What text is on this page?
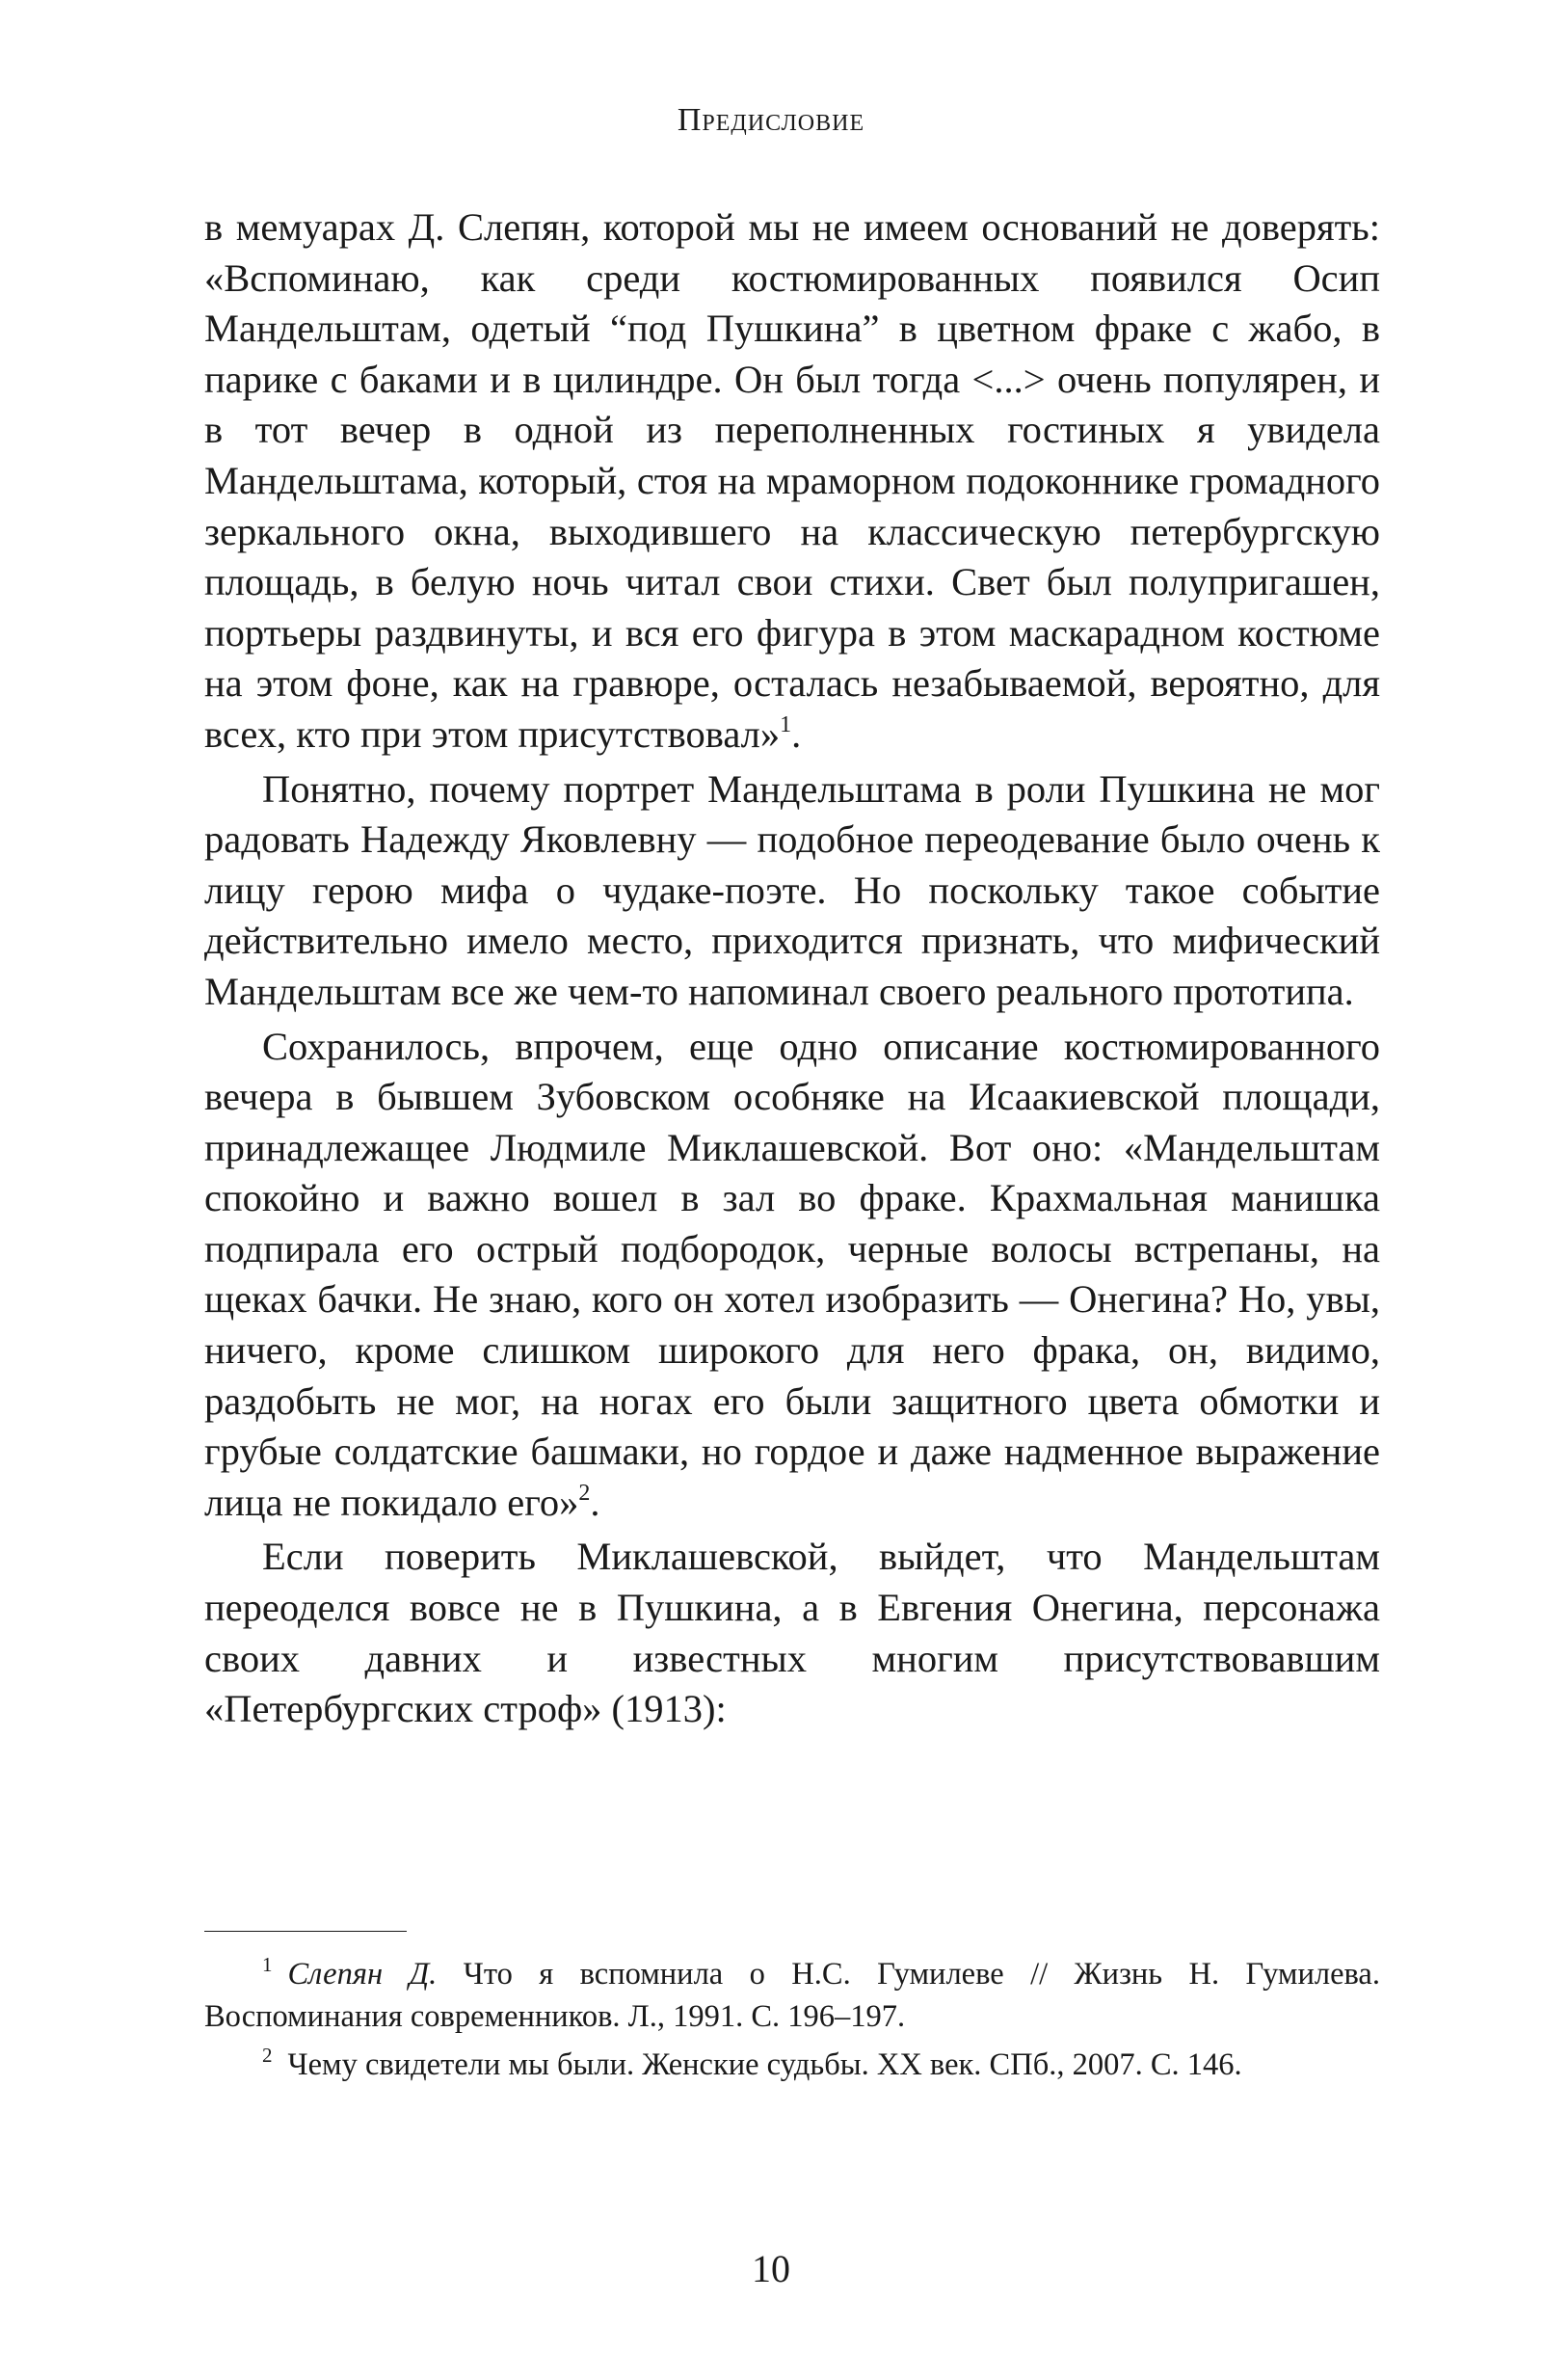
Предисловие

в мемуарах Д. Слепян, которой мы не имеем оснований не доверять: «Вспоминаю, как среди костюмированных появился Осип Мандельштам, одетый “под Пушкина” в цветном фраке с жабо, в парике с баками и в цилиндре. Он был тогда <...> очень популярен, и в тот вечер в одной из переполненных гостиных я увидела Мандельштама, который, стоя на мраморном подоконнике громадного зеркального окна, выходившего на классическую петербургскую площадь, в белую ночь читал свои стихи. Свет был полупригашен, портьеры раздвинуты, и вся его фигура в этом маскарадном костюме на этом фоне, как на гравюре, осталась незабываемой, вероятно, для всех, кто при этом присутствовал»$^1$.

Понятно, почему портрет Мандельштама в роли Пушкина не мог радовать Надежду Яковлевну — подобное переодевание было очень к лицу герою мифа о чудаке-поэте. Но поскольку такое событие действительно имело место, приходится признать, что мифический Мандельштам все же чем-то напоминал своего реального прототипа.

Сохранилось, впрочем, еще одно описание костюмированного вечера в бывшем Зубовском особняке на Исаакиевской площади, принадлежащее Людмиле Миклашевской. Вот оно: «Мандельштам спокойно и важно вошел в зал во фраке. Крахмальная манишка подпирала его острый подбородок, черные волосы встрепаны, на щеках бачки. Не знаю, кого он хотел изобразить — Онегина? Но, увы, ничего, кроме слишком широкого для него фрака, он, видимо, раздобыть не мог, на ногах его были защитного цвета обмотки и грубые солдатские башмаки, но гордое и даже надменное выражение лица не покидало его»$^2$.

Если поверить Миклашевской, выйдет, что Мандельштам переоделся вовсе не в Пушкина, а в Евгения Онегина, персонажа своих давних и известных многим присутствовавшим «Петербургских строф» (1913):

$^1$ Слепян Д. Что я вспомнила о Н.С. Гумилеве // Жизнь Н. Гумилева. Воспоминания современников. Л., 1991. С. 196–197.

$^2$ Чему свидетели мы были. Женские судьбы. XX век. СПб., 2007. С. 146.

10
